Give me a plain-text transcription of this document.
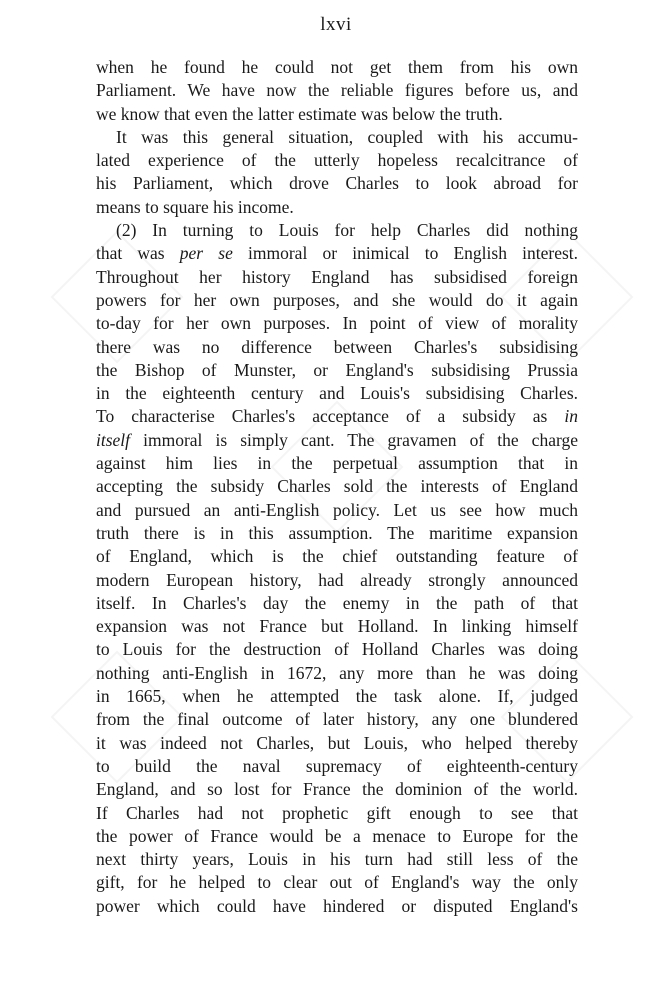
lxvi
when he found he could not get them from his own
Parliament. We have now the reliable figures before us, and
we know that even the latter estimate was below the truth.
It was this general situation, coupled with his accumu-
lated experience of the utterly hopeless recalcitrance of
his Parliament, which drove Charles to look abroad for
means to square his income.
(2) In turning to Louis for help Charles did nothing
that was per se immoral or inimical to English interest.
Throughout her history England has subsidised foreign
powers for her own purposes, and she would do it again
to-day for her own purposes. In point of view of morality
there was no difference between Charles's subsidising
the Bishop of Munster, or England's subsidising Prussia
in the eighteenth century and Louis's subsidising Charles.
To characterise Charles's acceptance of a subsidy as in
itself immoral is simply cant. The gravamen of the charge
against him lies in the perpetual assumption that in
accepting the subsidy Charles sold the interests of England
and pursued an anti-English policy. Let us see how much
truth there is in this assumption. The maritime expansion
of England, which is the chief outstanding feature of
modern European history, had already strongly announced
itself. In Charles's day the enemy in the path of that
expansion was not France but Holland. In linking himself
to Louis for the destruction of Holland Charles was doing
nothing anti-English in 1672, any more than he was doing
in 1665, when he attempted the task alone. If, judged
from the final outcome of later history, any one blundered
it was indeed not Charles, but Louis, who helped thereby
to build the naval supremacy of eighteenth-century
England, and so lost for France the dominion of the world.
If Charles had not prophetic gift enough to see that
the power of France would be a menace to Europe for the
next thirty years, Louis in his turn had still less of the
gift, for he helped to clear out of England's way the only
power which could have hindered or disputed England's
